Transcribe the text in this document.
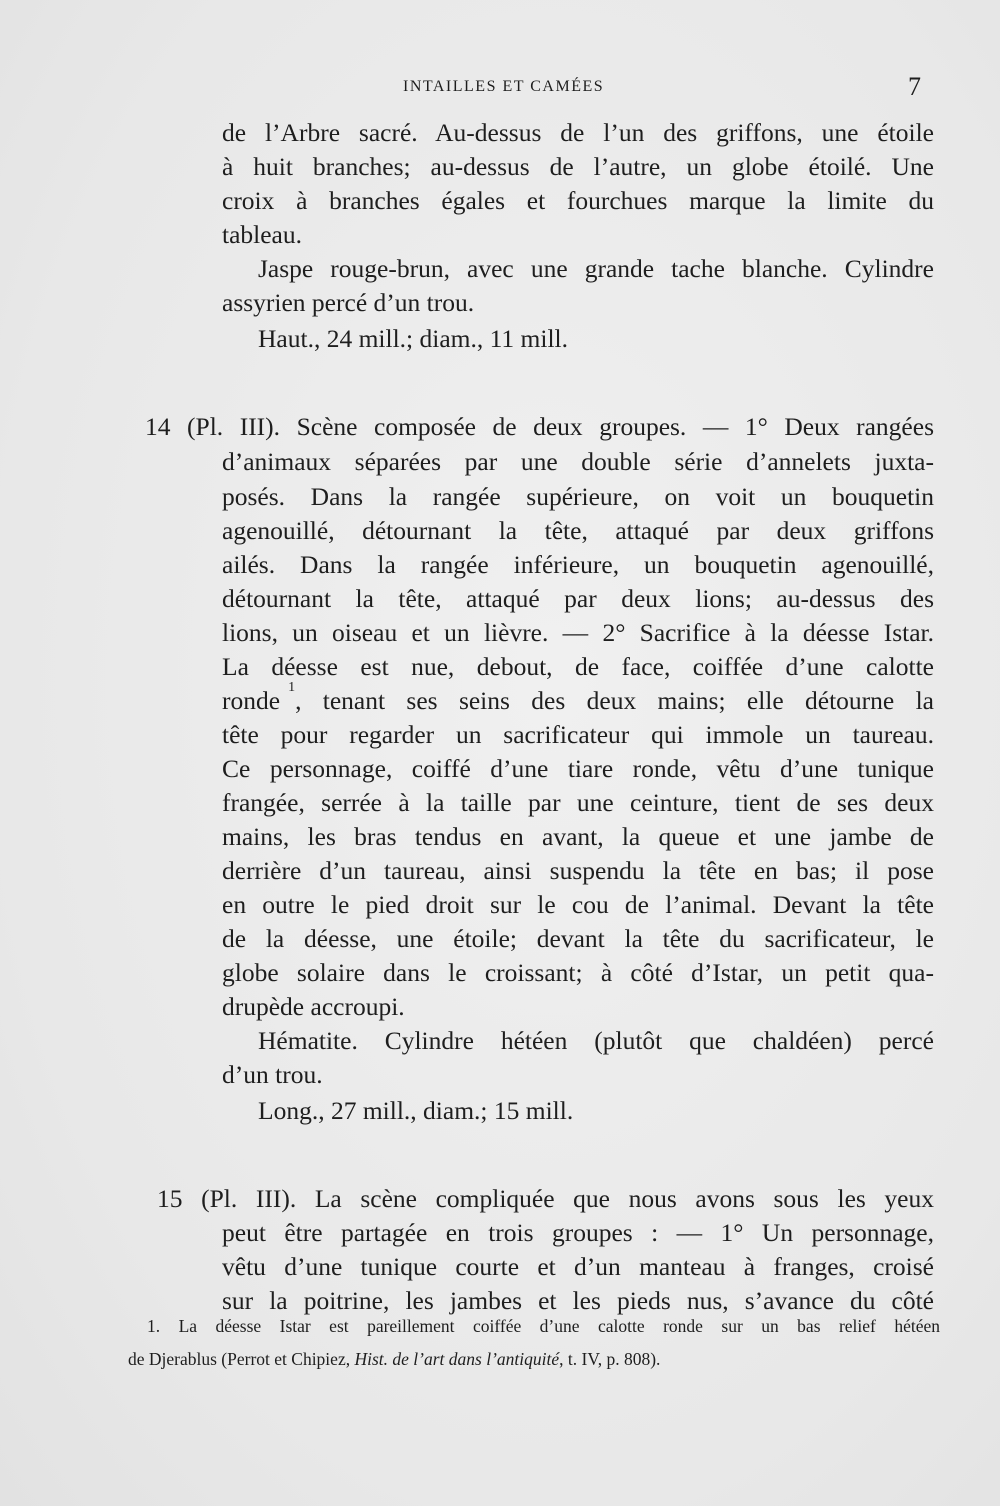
INTAILLES ET CAMÉES	7
de l’Arbre sacré. Au-dessus de l’un des griffons, une étoile
à huit branches; au-dessus de l’autre, un globe étoilé. Une
croix à branches égales et fourchues marque la limite du
tableau.
Jaspe rouge-brun, avec une grande tache blanche. Cylindre
assyrien percé d’un trou.
Haut., 24 mill.; diam., 11 mill.
14 (Pl. III). Scène composée de deux groupes. — 1° Deux rangées
d’animaux séparées par une double série d’annelets juxta-
posés. Dans la rangée supérieure, on voit un bouquetin
agenouillé, détournant la tête, attaqué par deux griffons
ailés. Dans la rangée inférieure, un bouquetin agenouillé,
détournant la tête, attaqué par deux lions; au-dessus des
lions, un oiseau et un lièvre. — 2° Sacrifice à la déesse Istar.
La déesse est nue, debout, de face, coiffée d’une calotte
ronde 1 , tenant ses seins des deux mains; elle détourne la
tête pour regarder un sacrificateur qui immole un taureau.
Ce personnage, coiffé d’une tiare ronde, vêtu d’une tunique
frangée, serrée à la taille par une ceinture, tient de ses deux
mains, les bras tendus en avant, la queue et une jambe de
derrière d’un taureau, ainsi suspendu la tête en bas; il pose
en outre le pied droit sur le cou de l’animal. Devant la tête
de la déesse, une étoile; devant la tête du sacrificateur, le
globe solaire dans le croissant; à côté d’Istar, un petit qua-
drupède accroupi.
Hématite. Cylindre hétéen (plutôt que chaldéen) percé
d’un trou.
Long., 27 mill., diam.; 15 mill.
15 (Pl. III). La scène compliquée que nous avons sous les yeux
peut être partagée en trois groupes : — 1° Un personnage,
vêtu d’une tunique courte et d’un manteau à franges, croisé
sur la poitrine, les jambes et les pieds nus, s’avance du côté
1. La déesse Istar est pareillement coiffée d’une calotte ronde sur un bas relief hétéen
de Djerablus (Perrot et Chipiez, Hist. de l’art dans l’antiquité, t. IV, p. 808).
